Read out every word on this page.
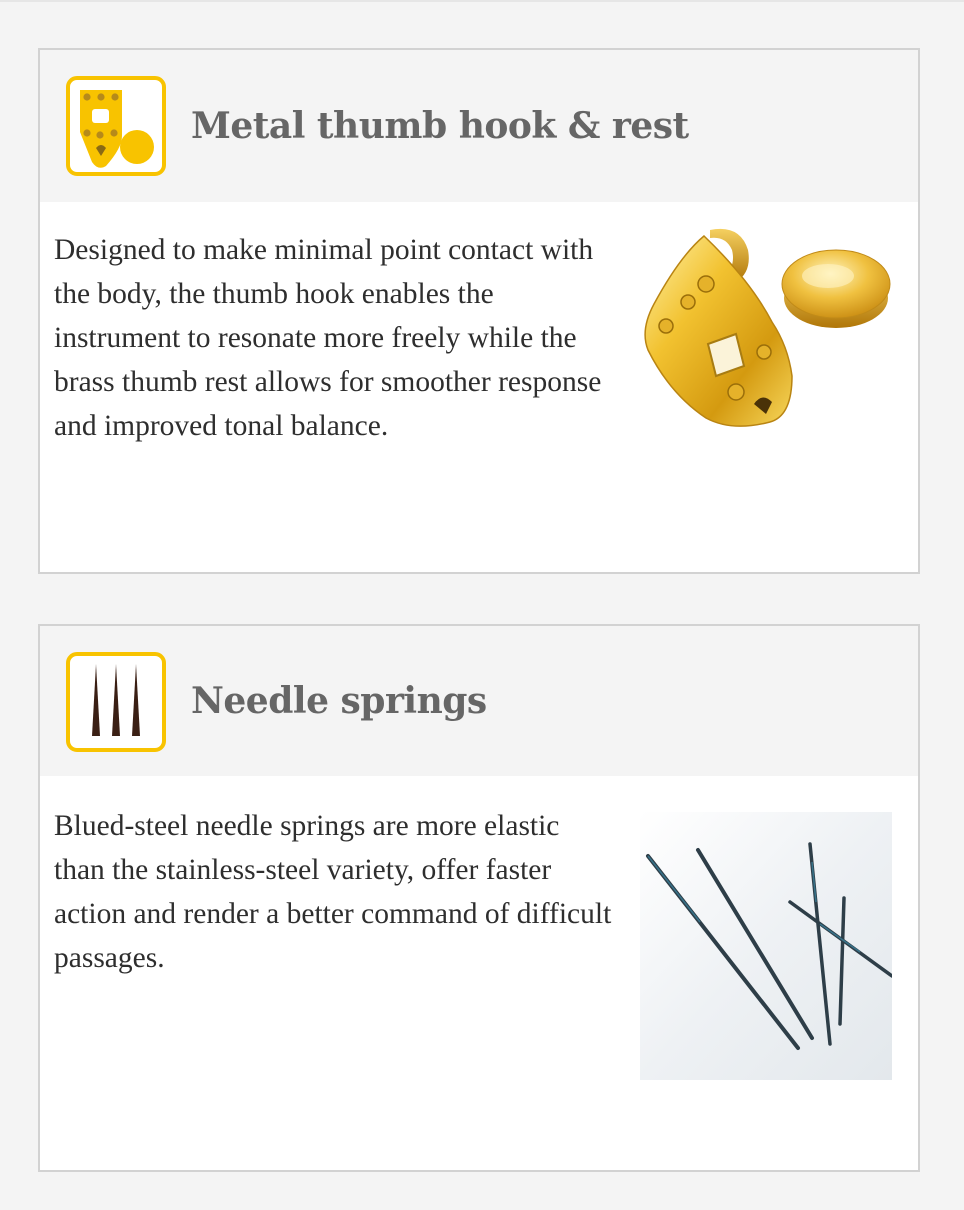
Metal thumb hook & rest

Designed to make minimal point contact with the body, the thumb hook enables the instrument to resonate more freely while the brass thumb rest allows for smoother response and improved tonal balance.

Needle springs

Blued-steel needle springs are more elastic than the stainless-steel variety, offer faster action and render a better command of difficult passages.
